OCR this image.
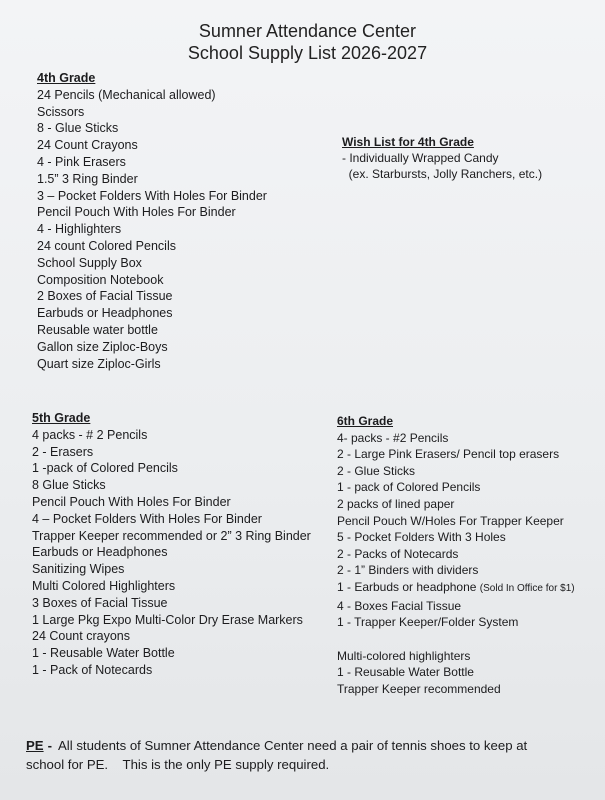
Sumner Attendance Center
School Supply List 2026-2027
4th Grade
24 Pencils (Mechanical allowed)
Scissors
8 - Glue Sticks
24 Count Crayons
4 - Pink Erasers
1.5” 3 Ring Binder
3 – Pocket Folders With Holes For Binder
Pencil Pouch With Holes For Binder
4 - Highlighters
24 count Colored Pencils
School Supply Box
Composition Notebook
2 Boxes of Facial Tissue
Earbuds or Headphones
Reusable water bottle
Gallon size Ziploc-Boys
Quart size Ziploc-Girls
Wish List for 4th Grade
- Individually Wrapped Candy
(ex. Starbursts, Jolly Ranchers, etc.)
5th Grade
4 packs - # 2 Pencils
2 - Erasers
1 -pack of Colored Pencils
8 Glue Sticks
Pencil Pouch With Holes For Binder
4 – Pocket Folders With Holes For Binder
Trapper Keeper recommended or 2” 3 Ring Binder
Earbuds or Headphones
Sanitizing Wipes
Multi Colored Highlighters
3 Boxes of Facial Tissue
1 Large Pkg Expo Multi-Color Dry Erase Markers
24 Count crayons
1 - Reusable Water Bottle
1 - Pack of Notecards
6th Grade
4- packs - #2 Pencils
2 - Large Pink Erasers/ Pencil top erasers
2 - Glue Sticks
1 - pack of Colored Pencils
2 packs of lined paper
Pencil Pouch W/Holes For Trapper Keeper
5 - Pocket Folders With 3 Holes
2 - Packs of Notecards
2 - 1” Binders with dividers
1 - Earbuds or headphone (Sold In Office for $1)
4 - Boxes Facial Tissue
1 - Trapper Keeper/Folder System
Multi-colored highlighters
1 - Reusable Water Bottle
Trapper Keeper recommended
PE - All students of Sumner Attendance Center need a pair of tennis shoes to keep at
school for PE.    This is the only PE supply required.
